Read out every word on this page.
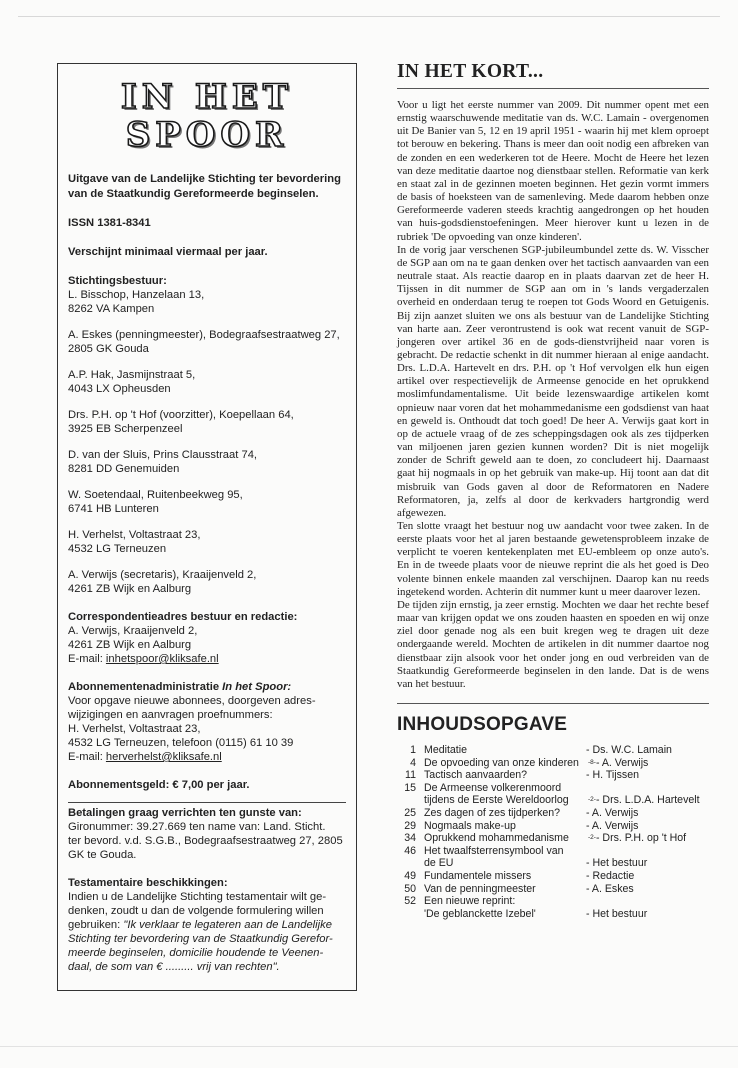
IN HET
SPOOR
Uitgave van de Landelijke Stichting ter bevordering van de Staatkundig Gereformeerde beginselen.
ISSN 1381-8341
Verschijnt minimaal viermaal per jaar.
Stichtingsbestuur:
L. Bisschop, Hanzelaan 13,
8262 VA Kampen
A. Eskes (penningmeester), Bodegraafsestraatweg 27,
2805 GK Gouda
A.P. Hak, Jasmijnstraat 5,
4043 LX Opheusden
Drs. P.H. op 't Hof (voorzitter), Koepellaan 64,
3925 EB Scherpenzeel
D. van der Sluis, Prins Clausstraat 74,
8281 DD Genemuiden
W. Soetendaal, Ruitenbeekweg 95,
6741 HB Lunteren
H. Verhelst, Voltastraat 23,
4532 LG Terneuzen
A. Verwijs (secretaris), Kraaijenveld 2,
4261 ZB Wijk en Aalburg
Correspondentieadres bestuur en redactie:
A. Verwijs, Kraaijenveld 2,
4261 ZB Wijk en Aalburg
E-mail: inhetspoor@kliksafe.nl
Abonnementenadministratie In het Spoor:
Voor opgave nieuwe abonnees, doorgeven adres-
wijzigingen en aanvragen proefnummers:
H. Verhelst, Voltastraat 23,
4532 LG Terneuzen, telefoon (0115) 61 10 39
E-mail: herverhelst@kliksafe.nl
Abonnementsgeld: € 7,00 per jaar.
Betalingen graag verrichten ten gunste van:
Gironummer: 39.27.669 ten name van: Land. Sticht.
ter bevord. v.d. S.G.B., Bodegraafsestraatweg 27, 2805
GK te Gouda.
Testamentaire beschikkingen:
Indien u de Landelijke Stichting testamentair wilt ge-
denken, zoudt u dan de volgende formulering willen
gebruiken: "Ik verklaar te legateren aan de Landelijke
Stichting ter bevordering van de Staatkundig Gerefor-
meerde beginselen, domicilie houdende te Veenen-
daal, de som van € ......... vrij van rechten".
IN HET KORT...

Voor u ligt het eerste nummer van 2009. Dit nummer opent met een ernstig waarschuwende meditatie van ds. W.C. Lamain - overgenomen uit De Banier van 5, 12 en 19 april 1951 - waarin hij met klem oproept tot berouw en bekering. Thans is meer dan ooit nodig een afbreken van de zonden en een wederkeren tot de Heere. Mocht de Heere het lezen van deze meditatie daartoe nog dienstbaar stellen. Reformatie van kerk en staat zal in de gezinnen moeten beginnen. Het gezin vormt immers de basis of hoeksteen van de samenleving. Mede daarom hebben onze Gereformeerde vaderen steeds krachtig aangedrongen op het houden van huis-godsdienstoefeningen. Meer hierover kunt u lezen in de rubriek 'De opvoeding van onze kinderen'.

In de vorig jaar verschenen SGP-jubileumbundel zette ds. W. Visscher de SGP aan om na te gaan denken over het tactisch aanvaarden van een neutrale staat. Als reactie daarop en in plaats daarvan zet de heer H. Tijssen in dit nummer de SGP aan om in 's lands vergaderzalen overheid en onderdaan terug te roepen tot Gods Woord en Getuigenis. Bij zijn aanzet sluiten we ons als bestuur van de Landelijke Stichting van harte aan. Zeer verontrustend is ook wat recent vanuit de SGP-jongeren over artikel 36 en de gods-dienstvrijheid naar voren is gebracht. De redactie schenkt in dit nummer hieraan al enige aandacht. Drs. L.D.A. Hartevelt en drs. P.H. op 't Hof vervolgen elk hun eigen artikel over respectievelijk de Armeense genocide en het oprukkend moslimfundamentalisme. Uit beide lezenswaardige artikelen komt opnieuw naar voren dat het mohammedanisme een godsdienst van haat en geweld is. Onthoudt dat toch goed! De heer A. Verwijs gaat kort in op de actuele vraag of de zes scheppingsdagen ook als zes tijdperken van miljoenen jaren gezien kunnen worden? Dit is niet mogelijk zonder de Schrift geweld aan te doen, zo concludeert hij. Daarnaast gaat hij nogmaals in op het gebruik van make-up. Hij toont aan dat dit misbruik van Gods gaven al door de Reformatoren en Nadere Reformatoren, ja, zelfs al door de kerkvaders hartgrondig werd afgewezen.

Ten slotte vraagt het bestuur nog uw aandacht voor twee zaken. In de eerste plaats voor het al jaren bestaande gewetensprobleem inzake de verplicht te voeren kentekenplaten met EU-embleem op onze auto's. En in de tweede plaats voor de nieuwe reprint die als het goed is Deo volente binnen enkele maanden zal verschijnen. Daarop kan nu reeds ingetekend worden. Achterin dit nummer kunt u meer daarover lezen.

De tijden zijn ernstig, ja zeer ernstig. Mochten we daar het rechte besef maar van krijgen opdat we ons zouden haasten en spoeden en wij onze ziel door genade nog als een buit kregen weg te dragen uit deze ondergaande wereld. Mochten de artikelen in dit nummer daartoe nog dienstbaar zijn alsook voor het onder jong en oud verbreiden van de Staatkundig Gereformeerde beginselen in den lande. Dat is de wens van het bestuur.

INHOUDSOPGAVE
1 Meditatie	- Ds. W.C. Lamain
4 De opvoeding van onze kinderen	-8- - A. Verwijs
11 Tactisch aanvaarden?	- H. Tijssen
15 De Armeense volkerenmoord
tijdens de Eerste Wereldoorlog	-2- - Drs. L.D.A. Hartevelt
25 Zes dagen of zes tijdperken?	- A. Verwijs
29 Nogmaals make-up	- A. Verwijs
34 Oprukkend mohammedanisme	-2- - Drs. P.H. op 't Hof
46 Het twaalfsterrensymbool van
de EU	- Het bestuur
49 Fundamentele missers	- Redactie
50 Van de penningmeester	- A. Eskes
52 Een nieuwe reprint:
'De geblanckette Izebel'	- Het bestuur
